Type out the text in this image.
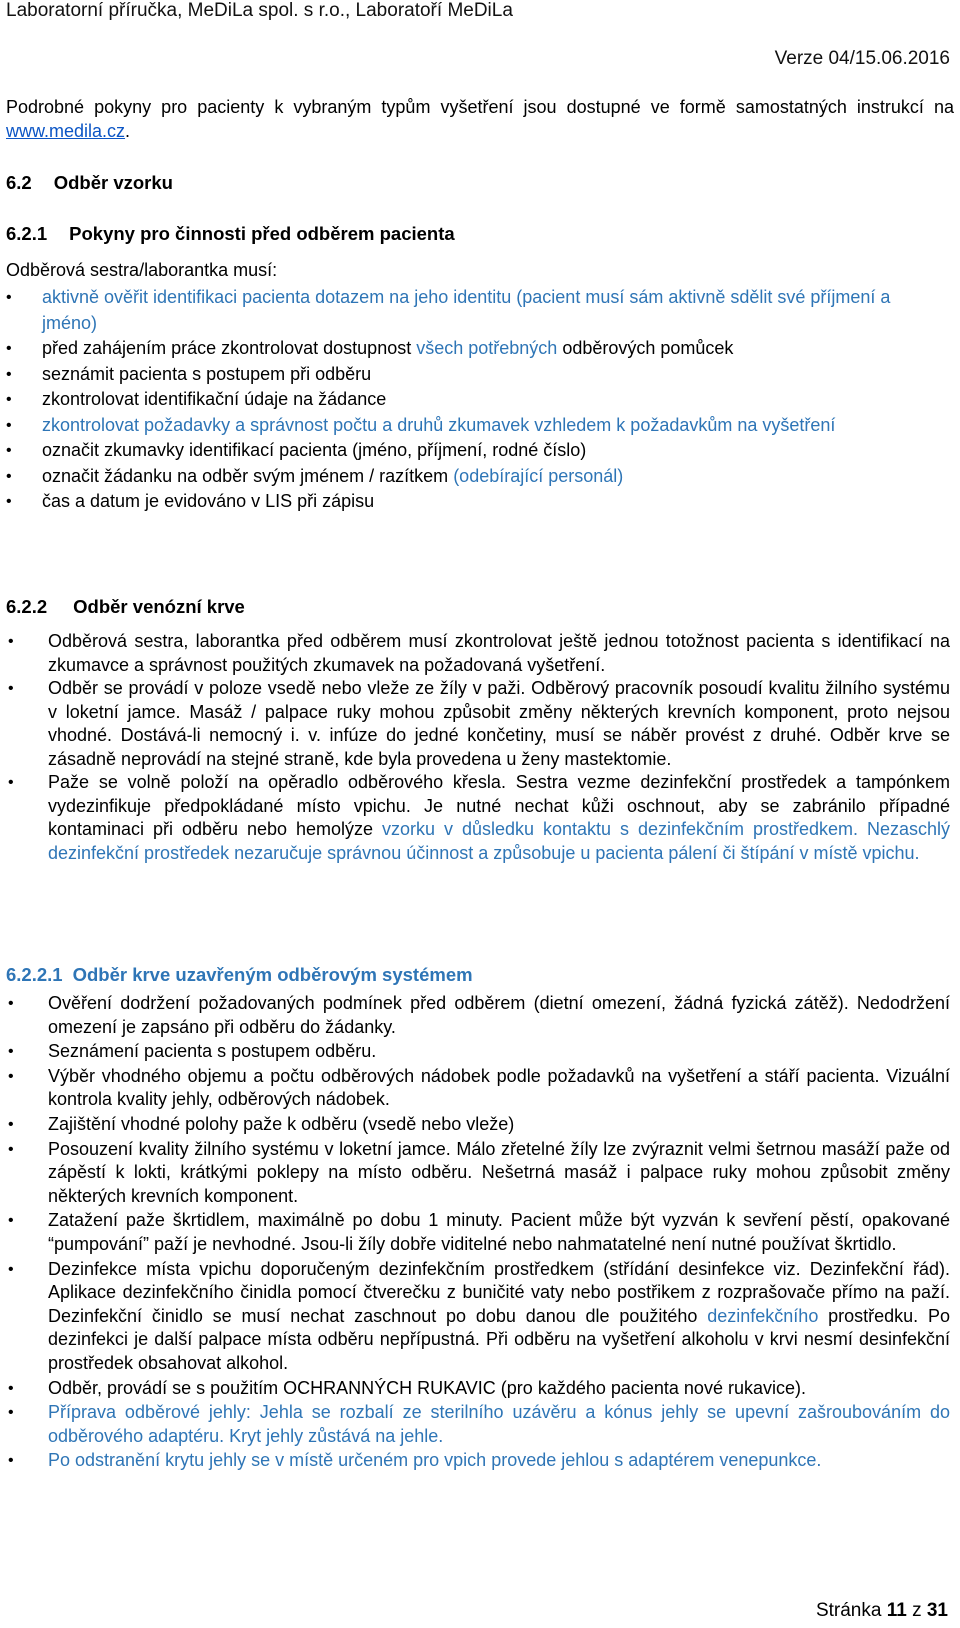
Laboratorní příručka, MeDiLa spol. s r.o., Laboratoří MeDiLa
Verze 04/15.06.2016
Podrobné pokyny pro pacienty k vybraným typům vyšetření jsou dostupné ve formě samostatných instrukcí na www.medila.cz.
6.2 Odběr vzorku
6.2.1 Pokyny pro činnosti před odběrem pacienta
Odběrová sestra/laborantka musí:
• aktivně ověřit identifikaci pacienta dotazem na jeho identitu (pacient musí sám aktivně sdělit své příjmení a jméno)
• před zahájením práce zkontrolovat dostupnost všech potřebných odběrových pomůcek
• seznámit pacienta s postupem při odběru
• zkontrolovat identifikační údaje na žádance
• zkontrolovat požadavky a správnost počtu a druhů zkumavek vzhledem k požadavkům na vyšetření
• označit zkumavky identifikací pacienta (jméno, příjmení, rodné číslo)
• označit žádanku na odběr svým jménem / razítkem (odebírající personál)
• čas a datum je evidováno v LIS při zápisu
6.2.2 Odběr venózní krve
• Odběrová sestra, laborantka před odběrem musí zkontrolovat ještě jednou totožnost pacienta s identifikací na zkumavce a správnost použitých zkumavek na požadovaná vyšetření.
• Odběr se provádí v poloze vsedě nebo vleže ze žíly v paži. Odběrový pracovník posoudí kvalitu žilního systému v loketní jamce. Masáž / palpace ruky mohou způsobit změny některých krevních komponent, proto nejsou vhodné. Dostává-li nemocný i. v. infúze do jedné končetiny, musí se náběr provést z druhé. Odběr krve se zásadně neprovádí na stejné straně, kde byla provedena u ženy mastektomie.
• Paže se volně položí na opěradlo odběrového křesla. Sestra vezme dezinfekční prostředek a tampónkem vydezinfikuje předpokládané místo vpichu. Je nutné nechat kůži oschnout, aby se zabránilo případné kontaminaci při odběru nebo hemolýze vzorku v důsledku kontaktu s dezinfekčním prostředkem. Nezaschlý dezinfekční prostředek nezaručuje správnou účinnost a způsobuje u pacienta pálení či štípání v místě vpichu.
6.2.2.1 Odběr krve uzavřeným odběrovým systémem
• Ověření dodržení požadovaných podmínek před odběrem (dietní omezení, žádná fyzická zátěž). Nedodržení omezení je zapsáno při odběru do žádanky.
• Seznámení pacienta s postupem odběru.
• Výběr vhodného objemu a počtu odběrových nádobek podle požadavků na vyšetření a stáří pacienta. Vizuální kontrola kvality jehly, odběrových nádobek.
• Zajištění vhodné polohy paže k odběru (vsedě nebo vleže)
• Posouzení kvality žilního systému v loketní jamce. Málo zřetelné žíly lze zvýraznit velmi šetrnou masáží paže od zápěstí k lokti, krátkými poklepy na místo odběru. Nešetrná masáž i palpace ruky mohou způsobit změny některých krevních komponent.
• Zatažení paže škrtidlem, maximálně po dobu 1 minuty. Pacient může být vyzván k sevření pěstí, opakované “pumpování” paží je nevhodné. Jsou-li žíly dobře viditelné nebo nahmatatelné není nutné používat škrtidlo.
• Dezinfekce místa vpichu doporučeným dezinfekčním prostředkem (střídání desinfekce viz. Dezinfekční řád). Aplikace dezinfekčního činidla pomocí čtverečku z buničité vaty nebo postřikem z rozprašovače přímo na paží. Dezinfekční činidlo se musí nechat zaschnout po dobu danou dle použitého dezinfekčního prostředku. Po dezinfekci je další palpace místa odběru nepřípustná. Při odběru na vyšetření alkoholu v krvi nesmí desinfekční prostředek obsahovat alkohol.
• Odběr, provádí se s použitím OCHRANNÝCH RUKAVIC (pro každého pacienta nové rukavice).
• Příprava odběrové jehly: Jehla se rozbalí ze sterilního uzávěru a kónus jehly se upevní zašroubováním do odběrového adaptéru. Kryt jehly zůstává na jehle.
• Po odstranění krytu jehly se v místě určeném pro vpich provede jehlou s adaptérem venepunkce.
Stránka 11 z 31
